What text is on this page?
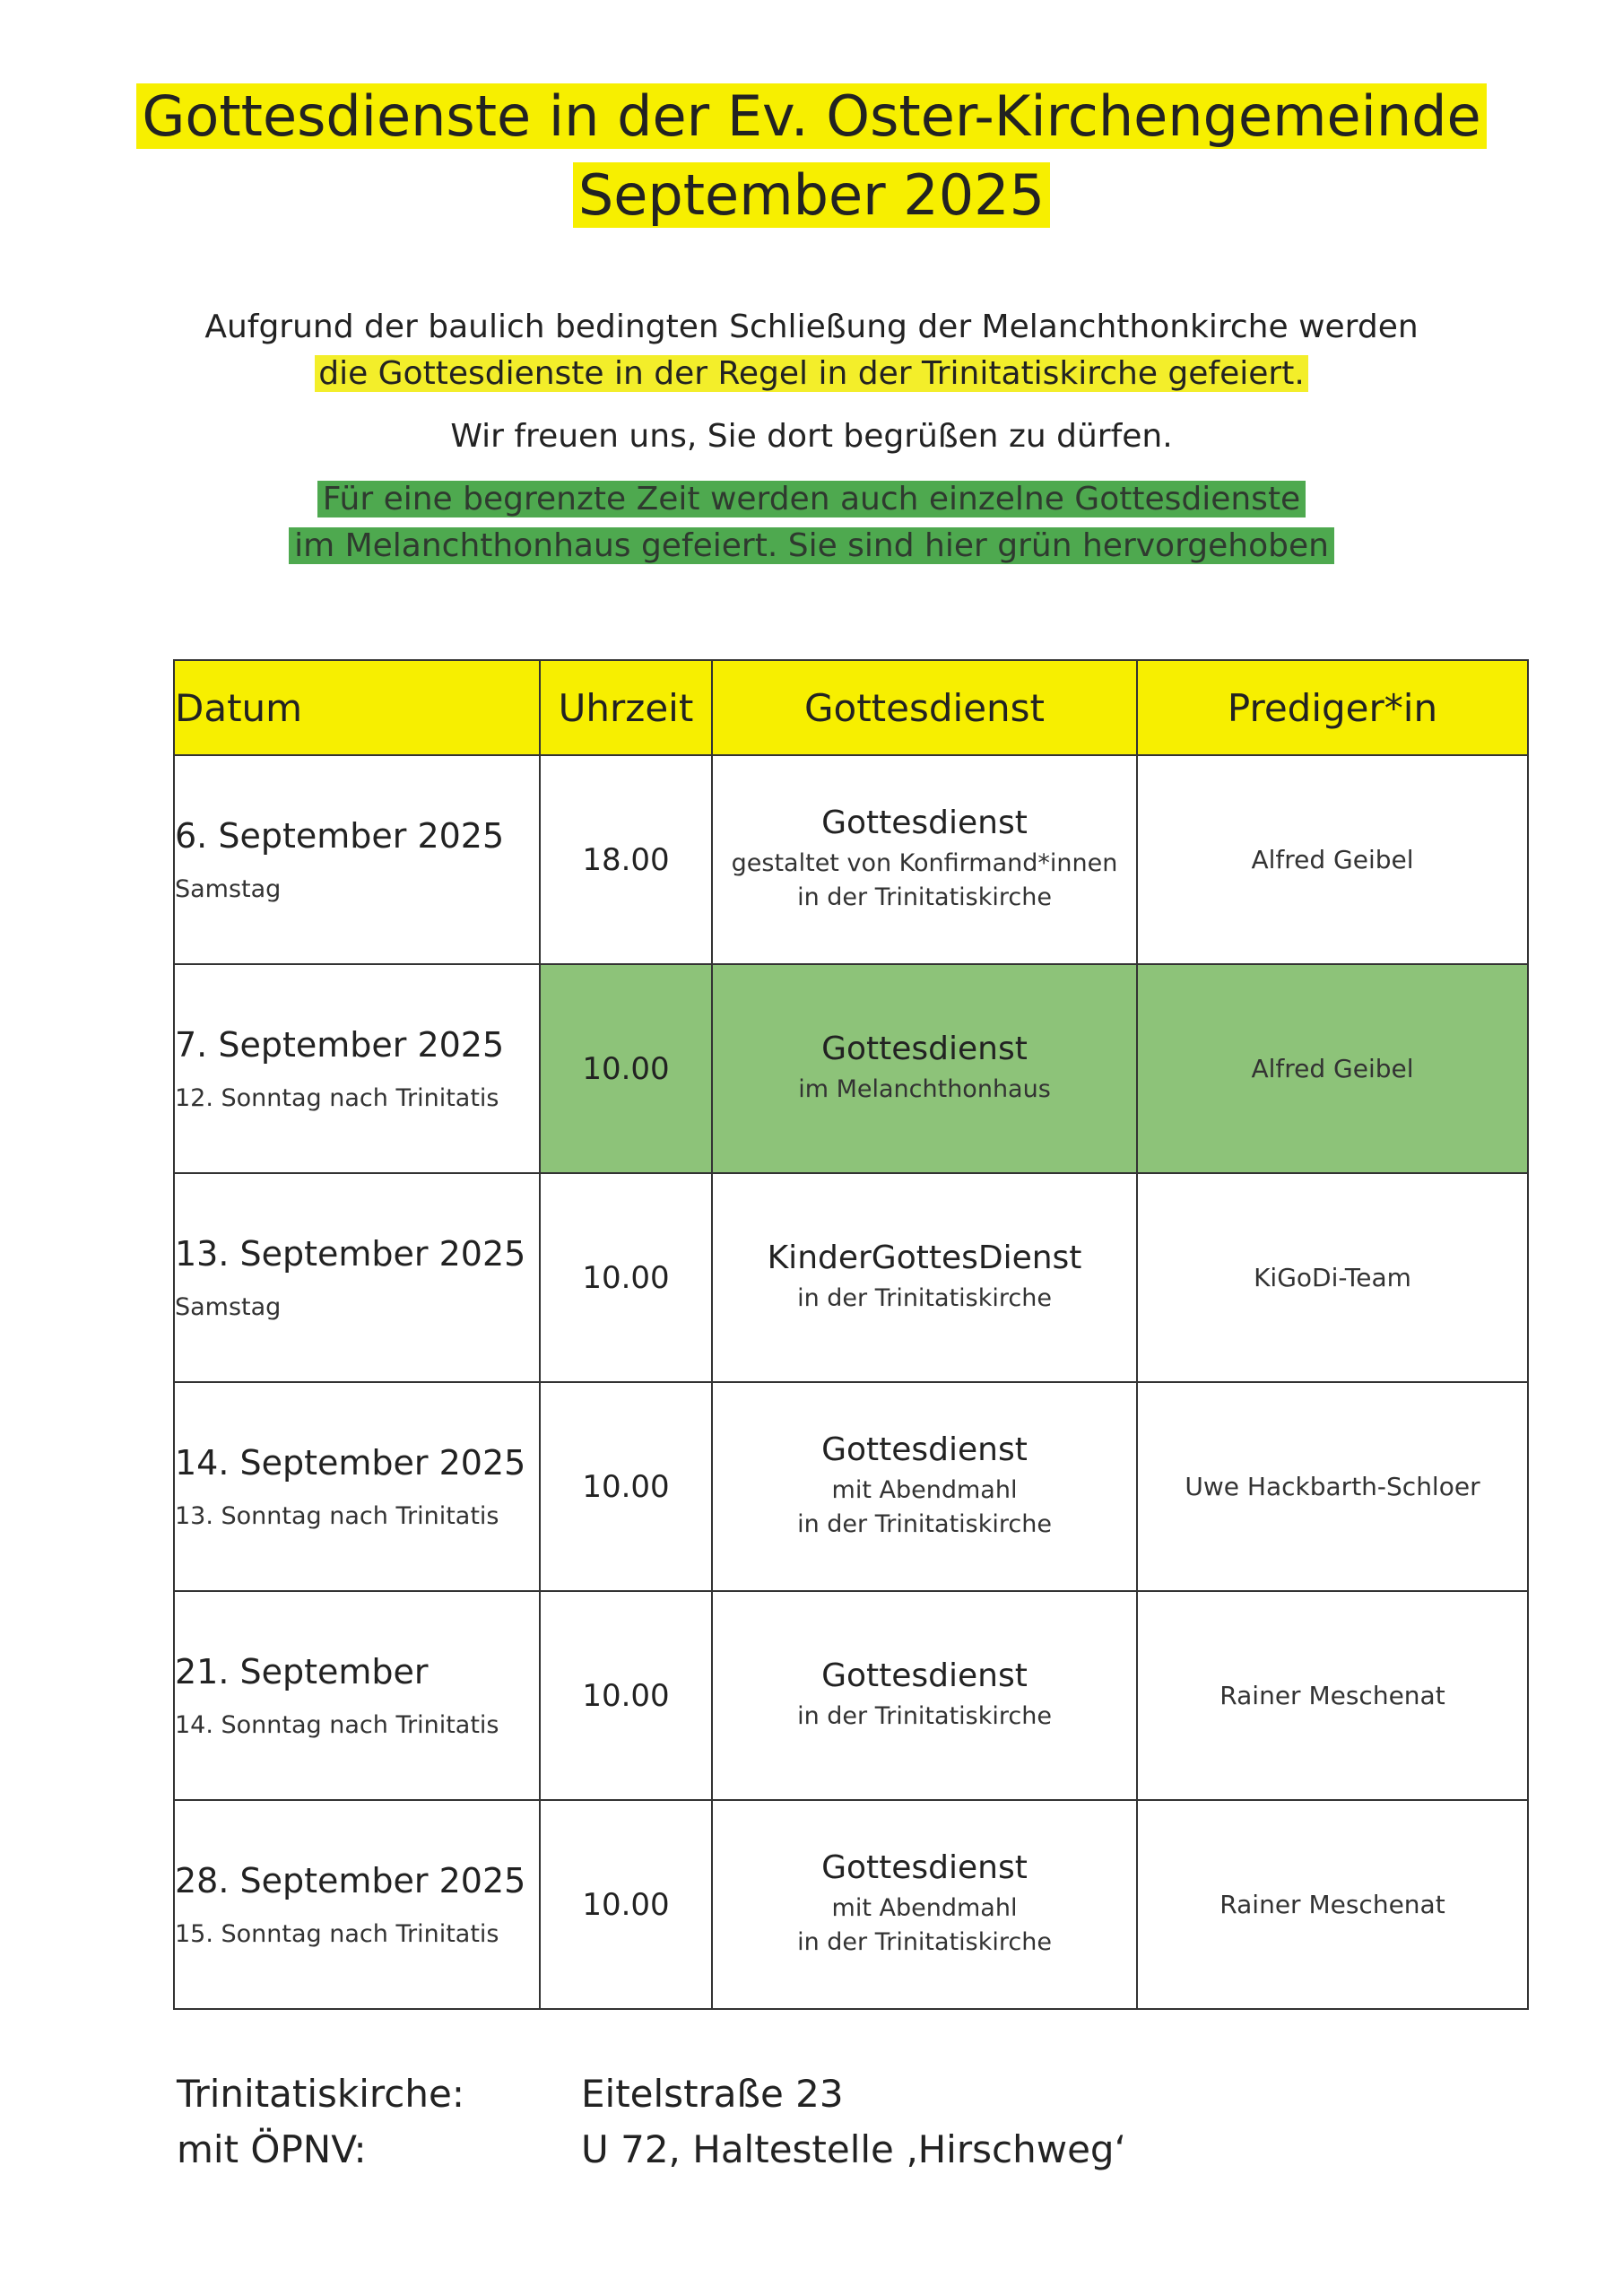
Gottesdienste in der Ev. Oster-Kirchengemeinde
September 2025
Aufgrund der baulich bedingten Schließung der Melanchthonkirche werden
die Gottesdienste in der Regel in der Trinitatiskirche gefeiert.
Wir freuen uns, Sie dort begrüßen zu dürfen.
Für eine begrenzte Zeit werden auch einzelne Gottesdienste
im Melanchthonhaus gefeiert. Sie sind hier grün hervorgehoben
Datum	Uhrzeit	Gottesdienst	Prediger*in

6. September 2025
Samstag	18.00	Gottesdienst
gestaltet von Konfirmand*innen
in der Trinitatiskirche	Alfred Geibel

7. September 2025
12. Sonntag nach Trinitatis	10.00	Gottesdienst
im Melanchthonhaus	Alfred Geibel

13. September 2025
Samstag	10.00	KinderGottesDienst
in der Trinitatiskirche	KiGoDi-Team

14. September 2025
13. Sonntag nach Trinitatis	10.00	Gottesdienst
mit Abendmahl
in der Trinitatiskirche	Uwe Hackbarth-Schloer

21. September
14. Sonntag nach Trinitatis	10.00	Gottesdienst
in der Trinitatiskirche	Rainer Meschenat

28. September 2025
15. Sonntag nach Trinitatis	10.00	Gottesdienst
mit Abendmahl
in der Trinitatiskirche	Rainer Meschenat
Trinitatiskirche:	Eitelstraße 23
mit ÖPNV:	U 72, Haltestelle ‚Hirschweg‘
